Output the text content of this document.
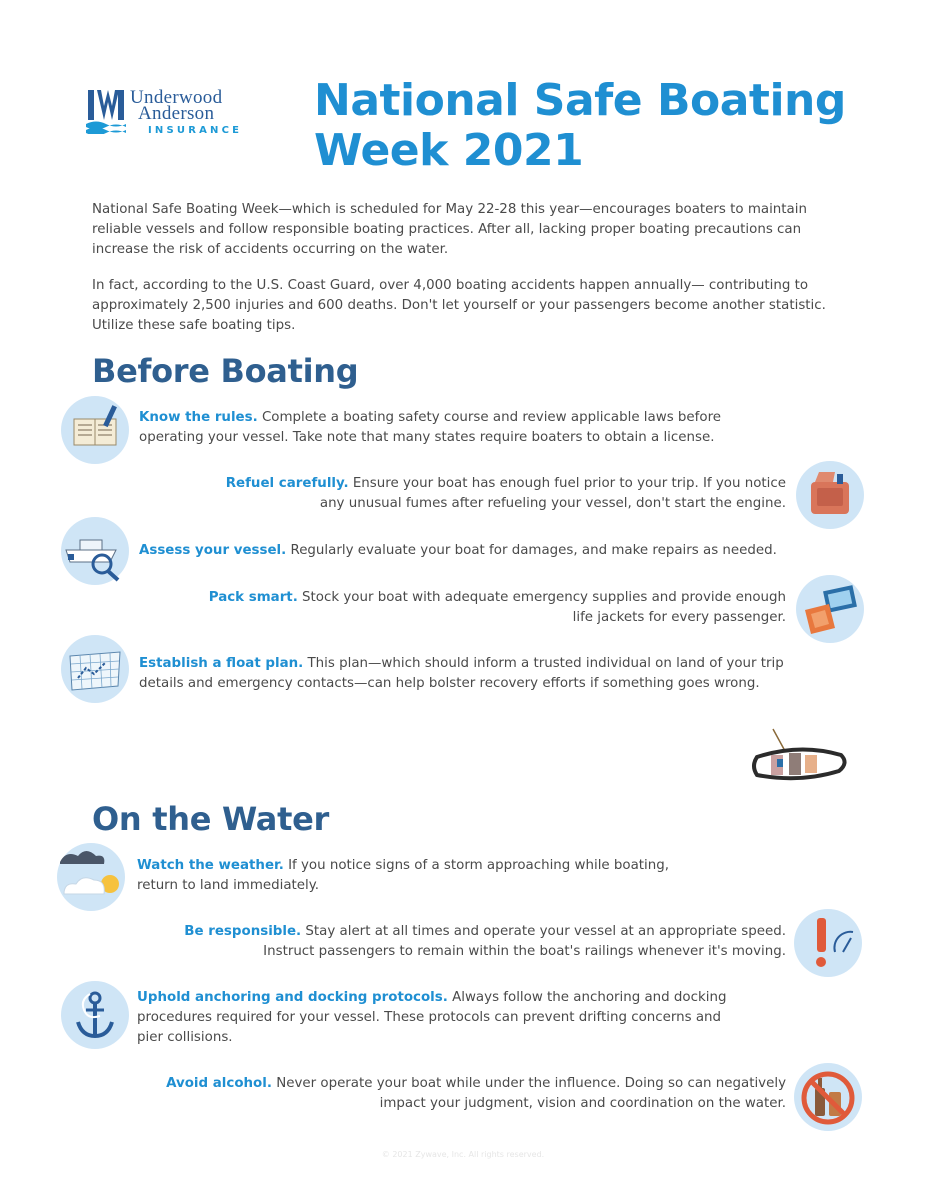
Underwood
Anderson
INSURANCE
National Safe Boating
Week 2021

National Safe Boating Week—which is scheduled for May 22-28 this year—encourages boaters to maintain reliable vessels and follow responsible boating practices. After all, lacking proper boating precautions can increase the risk of accidents occurring on the water.

In fact, according to the U.S. Coast Guard, over 4,000 boating accidents happen annually— contributing to approximately 2,500 injuries and 600 deaths. Don't let yourself or your passengers become another statistic. Utilize these safe boating tips.

Before Boating
Know the rules. Complete a boating safety course and review applicable laws before operating your vessel. Take note that many states require boaters to obtain a license.
Refuel carefully. Ensure your boat has enough fuel prior to your trip. If you notice any unusual fumes after refueling your vessel, don't start the engine.
Assess your vessel. Regularly evaluate your boat for damages, and make repairs as needed.
Pack smart. Stock your boat with adequate emergency supplies and provide enough life jackets for every passenger.
Establish a float plan. This plan—which should inform a trusted individual on land of your trip details and emergency contacts—can help bolster recovery efforts if something goes wrong.
On the Water
Watch the weather. If you notice signs of a storm approaching while boating, return to land immediately.
Be responsible. Stay alert at all times and operate your vessel at an appropriate speed. Instruct passengers to remain within the boat's railings whenever it's moving.
Uphold anchoring and docking protocols. Always follow the anchoring and docking procedures required for your vessel. These protocols can prevent drifting concerns and pier collisions.
Avoid alcohol. Never operate your boat while under the influence. Doing so can negatively impact your judgment, vision and coordination on the water.
© 2021 Zywave, Inc. All rights reserved.
